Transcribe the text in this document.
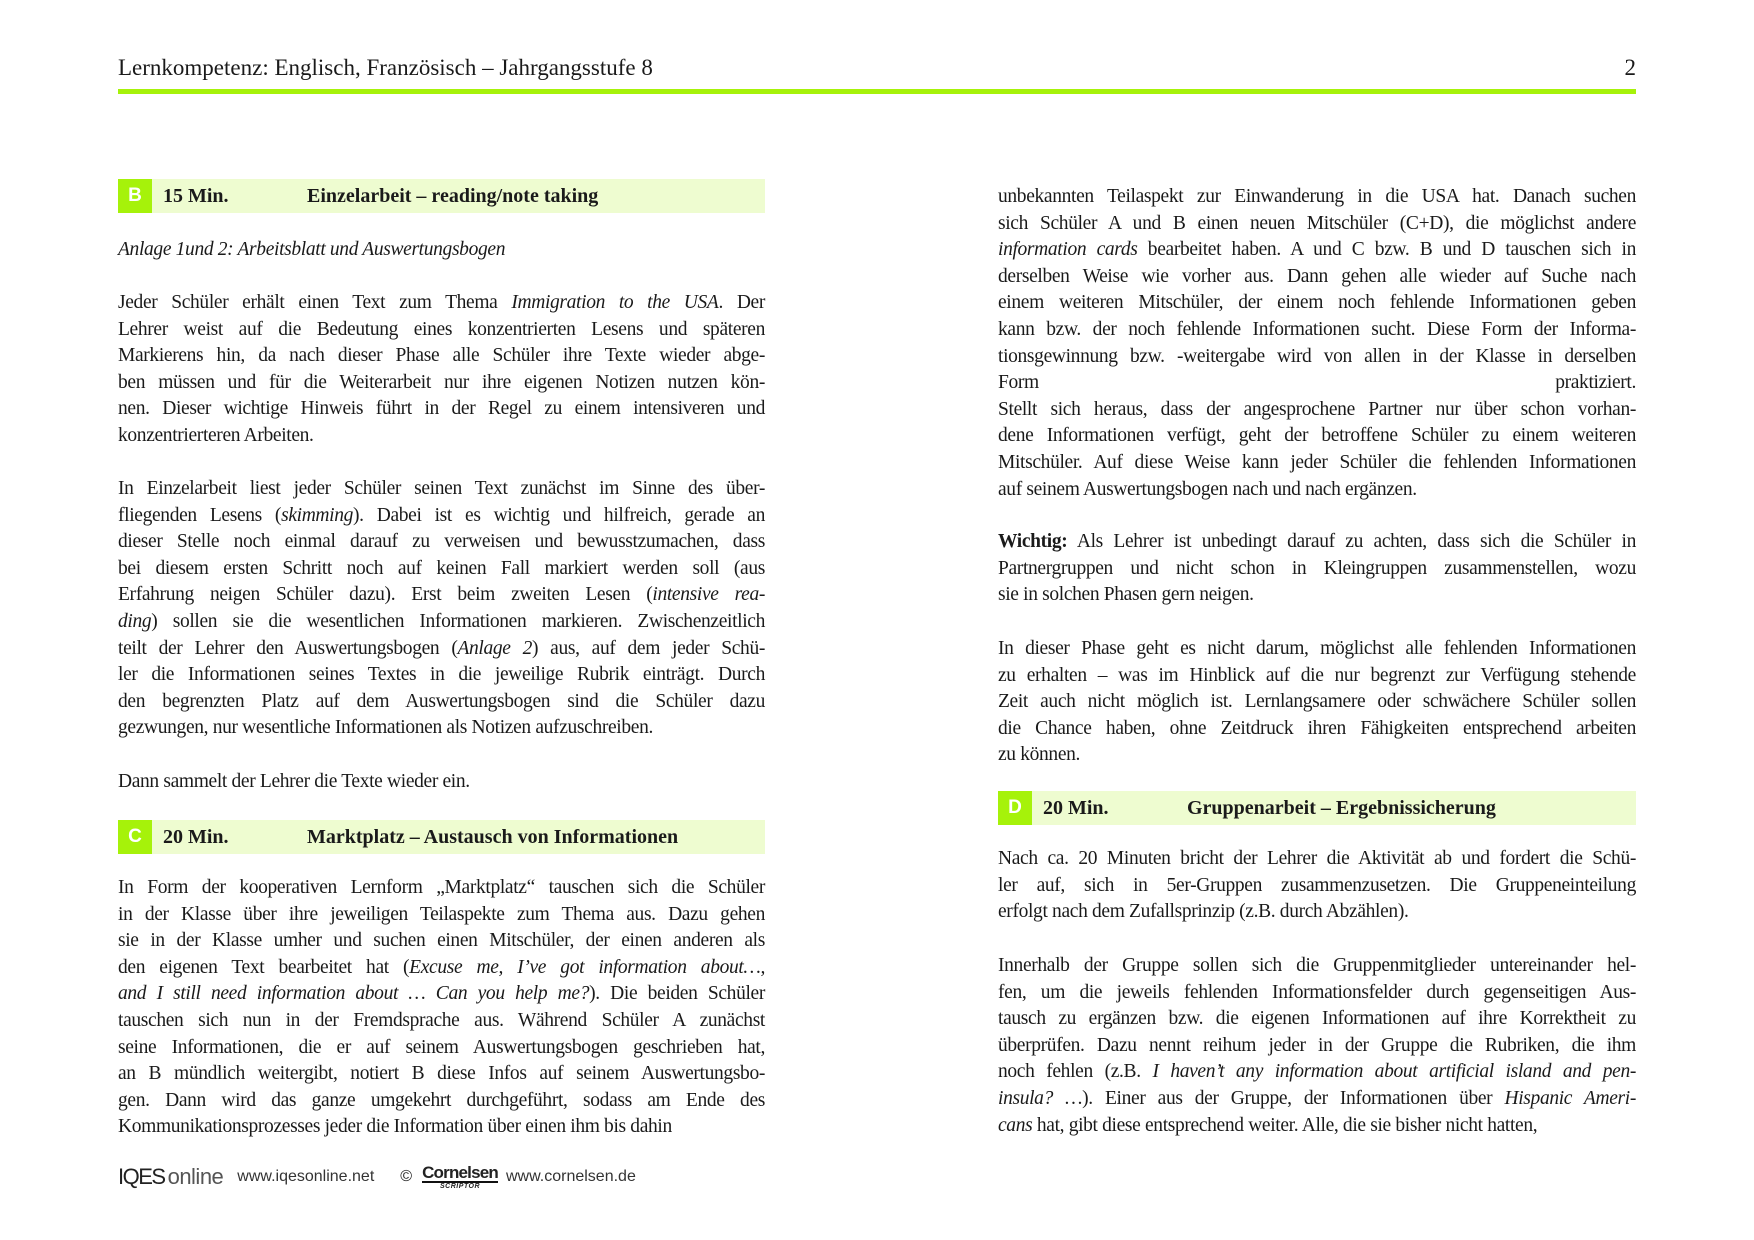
Lernkompetenz: Englisch, Französisch – Jahrgangsstufe 8	2
B	15 Min.	Einzelarbeit – reading/note taking
Anlage 1und 2: Arbeitsblatt und Auswertungsbogen
Jeder Schüler erhält einen Text zum Thema Immigration to the USA. Der
Lehrer weist auf die Bedeutung eines konzentrierten Lesens und späteren
Markierens hin, da nach dieser Phase alle Schüler ihre Texte wieder abge-
ben müssen und für die Weiterarbeit nur ihre eigenen Notizen nutzen kön-
nen. Dieser wichtige Hinweis führt in der Regel zu einem intensiveren und
konzentrierteren Arbeiten.
In Einzelarbeit liest jeder Schüler seinen Text zunächst im Sinne des über-
fliegenden Lesens (skimming). Dabei ist es wichtig und hilfreich, gerade an
dieser Stelle noch einmal darauf zu verweisen und bewusstzumachen, dass
bei diesem ersten Schritt noch auf keinen Fall markiert werden soll (aus
Erfahrung neigen Schüler dazu). Erst beim zweiten Lesen (intensive rea-
ding) sollen sie die wesentlichen Informationen markieren. Zwischenzeitlich
teilt der Lehrer den Auswertungsbogen (Anlage 2) aus, auf dem jeder Schü-
ler die Informationen seines Textes in die jeweilige Rubrik einträgt. Durch
den begrenzten Platz auf dem Auswertungsbogen sind die Schüler dazu
gezwungen, nur wesentliche Informationen als Notizen aufzuschreiben.
Dann sammelt der Lehrer die Texte wieder ein.
C	20 Min.	Marktplatz – Austausch von Informationen
In Form der kooperativen Lernform „Marktplatz“ tauschen sich die Schüler
in der Klasse über ihre jeweiligen Teilaspekte zum Thema aus. Dazu gehen
sie in der Klasse umher und suchen einen Mitschüler, der einen anderen als
den eigenen Text bearbeitet hat (Excuse me, I’ve got information about…,
and I still need information about … Can you help me?). Die beiden Schüler
tauschen sich nun in der Fremdsprache aus. Während Schüler A zunächst
seine Informationen, die er auf seinem Auswertungsbogen geschrieben hat,
an B mündlich weitergibt, notiert B diese Infos auf seinem Auswertungsbo-
gen. Dann wird das ganze umgekehrt durchgeführt, sodass am Ende des
Kommunikationsprozesses jeder die Information über einen ihm bis dahin
unbekannten Teilaspekt zur Einwanderung in die USA hat. Danach suchen
sich Schüler A und B einen neuen Mitschüler (C+D), die möglichst andere
information cards bearbeitet haben. A und C bzw. B und D tauschen sich in
derselben Weise wie vorher aus. Dann gehen alle wieder auf Suche nach
einem weiteren Mitschüler, der einem noch fehlende Informationen geben
kann bzw. der noch fehlende Informationen sucht. Diese Form der Informa-
tionsgewinnung bzw. -weitergabe wird von allen in der Klasse in derselben
Form praktiziert.
Stellt sich heraus, dass der angesprochene Partner nur über schon vorhan-
dene Informationen verfügt, geht der betroffene Schüler zu einem weiteren
Mitschüler. Auf diese Weise kann jeder Schüler die fehlenden Informationen
auf seinem Auswertungsbogen nach und nach ergänzen.
Wichtig: Als Lehrer ist unbedingt darauf zu achten, dass sich die Schüler in
Partnergruppen und nicht schon in Kleingruppen zusammenstellen, wozu
sie in solchen Phasen gern neigen.
In dieser Phase geht es nicht darum, möglichst alle fehlenden Informationen
zu erhalten – was im Hinblick auf die nur begrenzt zur Verfügung stehende
Zeit auch nicht möglich ist. Lernlangsamere oder schwächere Schüler sollen
die Chance haben, ohne Zeitdruck ihren Fähigkeiten entsprechend arbeiten
zu können.
D	20 Min.	Gruppenarbeit – Ergebnissicherung
Nach ca. 20 Minuten bricht der Lehrer die Aktivität ab und fordert die Schü-
ler auf, sich in 5er-Gruppen zusammenzusetzen. Die Gruppeneinteilung
erfolgt nach dem Zufallsprinzip (z.B. durch Abzählen).
Innerhalb der Gruppe sollen sich die Gruppenmitglieder untereinander hel-
fen, um die jeweils fehlenden Informationsfelder durch gegenseitigen Aus-
tausch zu ergänzen bzw. die eigenen Informationen auf ihre Korrektheit zu
überprüfen. Dazu nennt reihum jeder in der Gruppe die Rubriken, die ihm
noch fehlen (z.B. I haven’t any information about artificial island and pen-
insula? …). Einer aus der Gruppe, der Informationen über Hispanic Ameri-
cans hat, gibt diese entsprechend weiter. Alle, die sie bisher nicht hatten,
IQES online www.iqesonline.net © Cornelsen
SCRIPTOR
www.cornelsen.de
